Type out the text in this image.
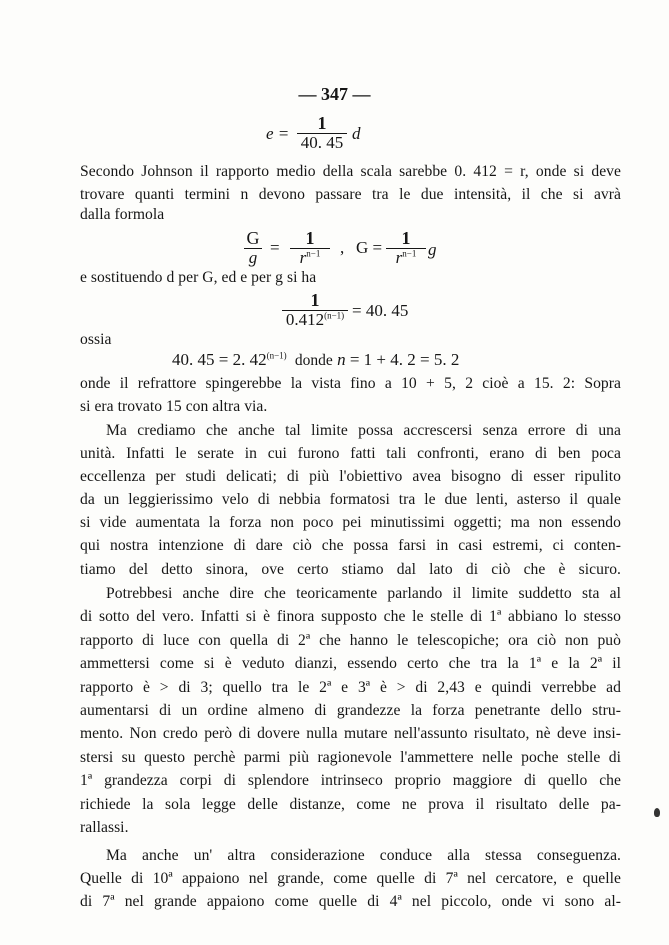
— 347 —
$e = \frac{1}{40. 45}$ d
$\frac{G}{g} = \frac{1}{r^{n-1}}$ , $G = \frac{1}{r^{n-1}}$ g
$\frac{1}{0.412^{(n-1)}} = 40$. 45
40. 45 = 2. $42^{(n-1)}$ donde n = 1 + 4. 2 = 5. 2
Secondo Johnson il rapporto medio della scala sarebbe 0. 412 = r, onde si deve
trovare quanti termini n devono passare tra le due intensità, il che si avrà
dalla formola
e sostituendo d per G, ed e per g si ha
ossia
onde il refrattore spingerebbe la vista fino a 10 + 5, 2 cioè a 15. 2: Sopra
si era trovato 15 con altra via.
Ma crediamo che anche tal limite possa accrescersi senza errore di una
unità. Infatti le serate in cui furono fatti tali confronti, erano di ben poca
eccellenza per studi delicati; di più l'obiettivo avea bisogno di esser ripulito
da un leggierissimo velo di nebbia formatosi tra le due lenti, asterso il quale
si vide aumentata la forza non poco pei minutissimi oggetti; ma non essendo
qui nostra intenzione di dare ciò che possa farsi in casi estremi, ci conten-
tiamo del detto sinora, ove certo stiamo dal lato di ciò che è sicuro.
Potrebbesi anche dire che teoricamente parlando il limite suddetto sta al
di sotto del vero. Infatti si è finora supposto che le stelle di 1ª abbiano lo stesso
rapporto di luce con quella di 2ª che hanno le telescopiche; ora ciò non può
ammettersi come si è veduto dianzi, essendo certo che tra la 1ª e la 2ª il
rapporto è > di 3; quello tra le 2ª e 3ª è > di 2,43 e quindi verrebbe ad
aumentarsi di un ordine almeno di grandezze la forza penetrante dello stru-
mento. Non credo però di dovere nulla mutare nell'assunto risultato, nè deve insi-
stersi su questo perchè parmi più ragionevole l'ammettere nelle poche stelle di
1ª grandezza corpi di splendore intrinseco proprio maggiore di quello che
richiede la sola legge delle distanze, come ne prova il risultato delle pa-
rallassi.
Ma anche un' altra considerazione conduce alla stessa conseguenza.
Quelle di 10ª appaiono nel grande, come quelle di 7ª nel cercatore, e quelle
di 7ª nel grande appaiono come quelle di 4ª nel piccolo, onde vi sono al-
